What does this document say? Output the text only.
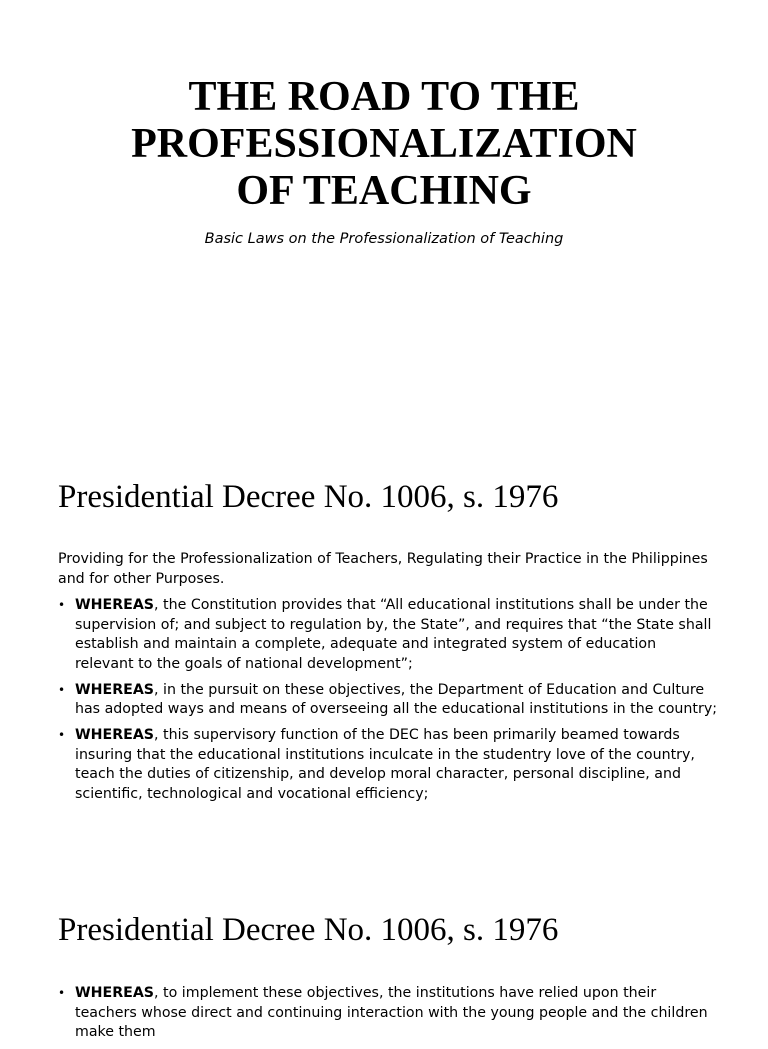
THE ROAD TO THE
PROFESSIONALIZATION
OF TEACHING

Basic Laws on the Professionalization of Teaching

Presidential Decree No. 1006, s. 1976

Providing for the Professionalization of Teachers, Regulating their Practice in the Philippines and for other Purposes.

• WHEREAS, the Constitution provides that “All educational institutions shall be under the supervision of; and subject to regulation by, the State”, and requires that “the State shall establish and maintain a complete, adequate and integrated system of education relevant to the goals of national development”;
• WHEREAS, in the pursuit on these objectives, the Department of Education and Culture has adopted ways and means of overseeing all the educational institutions in the country;
• WHEREAS, this supervisory function of the DEC has been primarily beamed towards insuring that the educational institutions inculcate in the studentry love of the country, teach the duties of citizenship, and develop moral character, personal discipline, and scientific, technological and vocational efficiency;
Presidential Decree No. 1006, s. 1976
• WHEREAS, to implement these objectives, the institutions have relied upon their teachers whose direct and continuing interaction with the young people and the children make them
